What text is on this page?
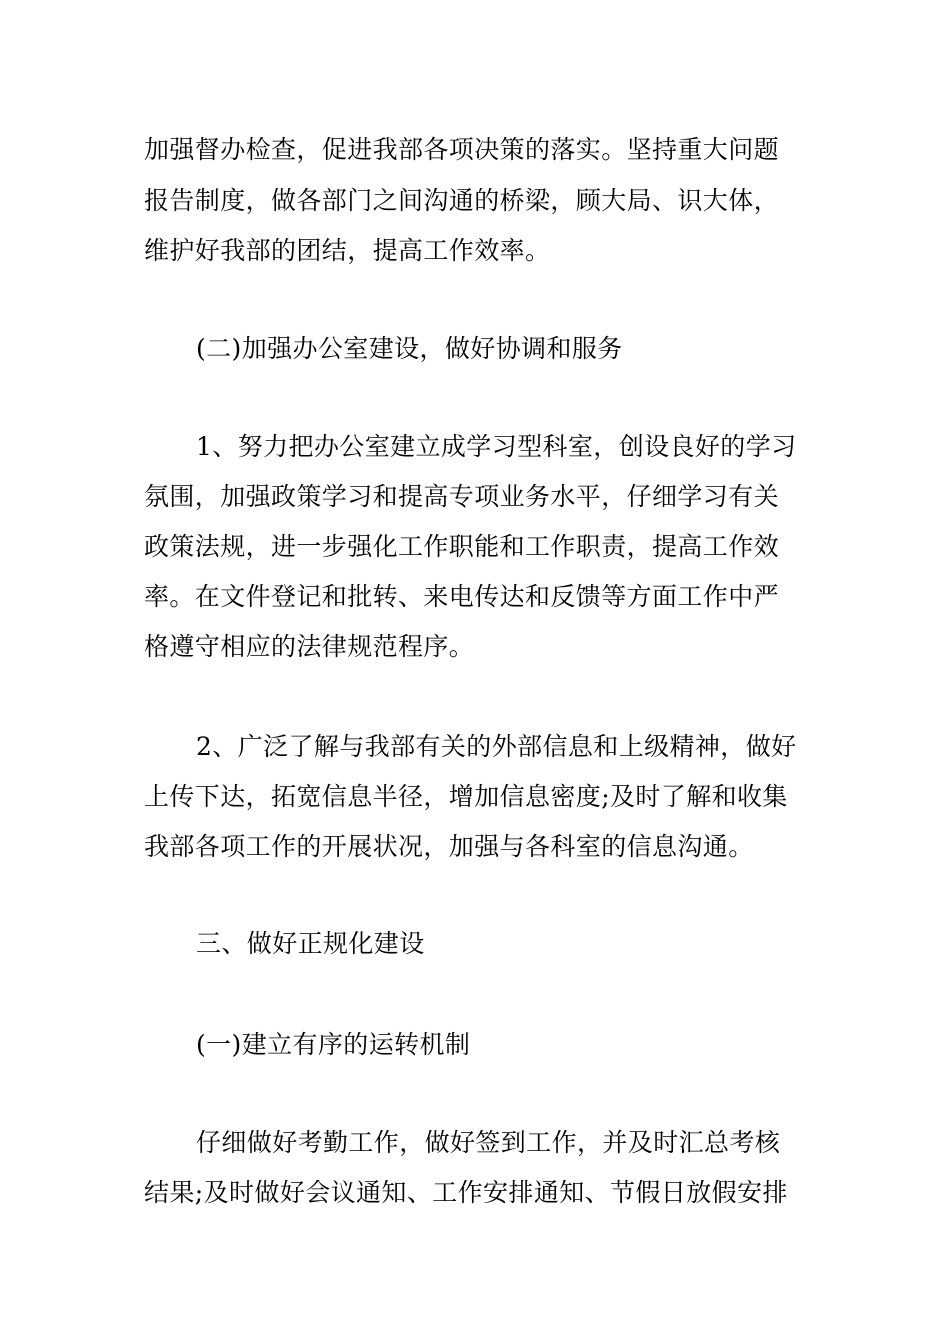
加强督办检查，促进我部各项决策的落实。坚持重大问题
报告制度，做各部门之间沟通的桥梁，顾大局、识大体，
维护好我部的团结，提高工作效率。
(二)加强办公室建设，做好协调和服务
1、努力把办公室建立成学习型科室，创设良好的学习
氛围，加强政策学习和提高专项业务水平，仔细学习有关
政策法规，进一步强化工作职能和工作职责，提高工作效
率。在文件登记和批转、来电传达和反馈等方面工作中严
格遵守相应的法律规范程序。
2、广泛了解与我部有关的外部信息和上级精神，做好
上传下达，拓宽信息半径，增加信息密度;及时了解和收集
我部各项工作的开展状况，加强与各科室的信息沟通。
三、做好正规化建设
(一)建立有序的运转机制
仔细做好考勤工作，做好签到工作，并及时汇总考核
结果;及时做好会议通知、工作安排通知、节假日放假安排
